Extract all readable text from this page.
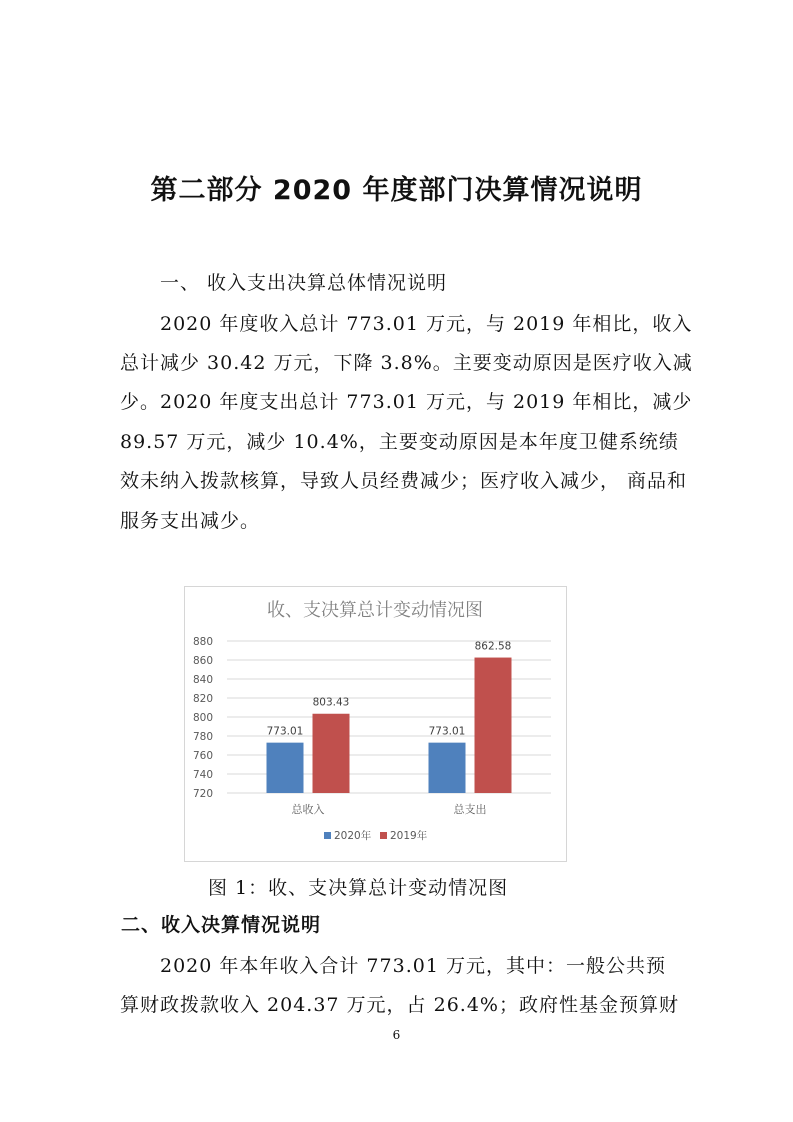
第二部分 2020 年度部门决算情况说明
一、 收入支出决算总体情况说明
2020 年度收入总计 773.01 万元，与 2019 年相比，收入
总计减少 30.42 万元，下降 3.8%。主要变动原因是医疗收入减
少。2020 年度支出总计 773.01 万元，与 2019 年相比，减少
89.57 万元，减少 10.4%，主要变动原因是本年度卫健系统绩
效未纳入拨款核算，导致人员经费减少；医疗收入减少， 商品和
服务支出减少。
收、支决算总计变动情况图
720
740
760
780
800
820
840
860
880
773.01
803.43
总收入
773.01
862.58
总支出
2020年 2019年
图 1：收、支决算总计变动情况图
二、收入决算情况说明
2020 年本年收入合计 773.01 万元，其中：一般公共预
算财政拨款收入 204.37 万元，占 26.4%；政府性基金预算财
6
